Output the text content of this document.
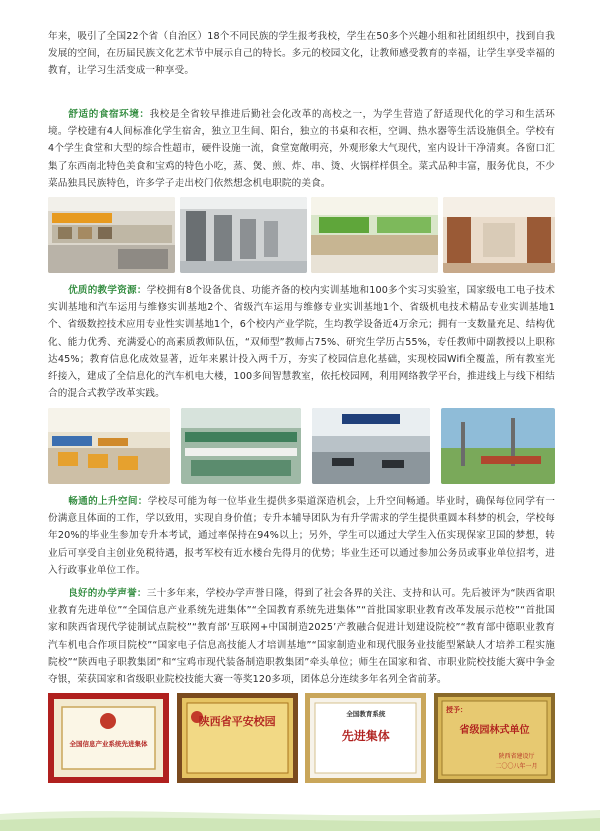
年来，吸引了全国22个省（自治区）18个不同民族的学生报考我校，学生在50多个兴趣小组和社团组织中，找到自我发展的空间，在历届民族文化艺术节中展示自己的特长。多元的校园文化，让教师感受教育的幸福，让学生享受幸福的教育，让学习生活变成一种享受。

舒适的食宿环境：我校是全省较早推进后勤社会化改革的高校之一，为学生营造了舒适现代化的学习和生活环境。学校建有4人间标准化学生宿舍，独立卫生间、阳台，独立的书桌和衣柜，空调、热水器等生活设施俱全。学校有4个学生食堂和大型的综合性超市，硬件设施一流，食堂宽敞明亮，外观形象大气现代，室内设计干净清爽。各窗口汇集了东西南北特色美食和宝鸡的特色小吃，蒸、煲、煎、炸、串、烫、火锅样样俱全。菜式品种丰富，服务优良，不少菜品独具民族特色，许多学子走出校门依然想念机电职院的美食。

优质的教学资源：学校拥有8个设备优良、功能齐备的校内实训基地和100多个实习实验室，国家级电工电子技术实训基地和汽车运用与维修实训基地2个、省级汽车运用与维修专业实训基地1个、省级机电技术精品专业实训基地1个、省级数控技术应用专业性实训基地1个，6个校内产业学院，生均教学设备近4万余元；拥有一支数量充足、结构优化、能力优秀、充满爱心的高素质教师队伍，“双师型”教师占75%、研究生学历占55%，专任教师中副教授以上职称达45%；教育信息化成效显著，近年来累计投入两千万，夯实了校园信息化基础，实现校园Wifi全覆盖，所有教室光纤接入，建成了全信息化的汽车机电大楼，100多间智慧教室，依托校园网，利用网络教学平台，推进线上与线下相结合的混合式教学改革实践。

畅通的上升空间：学校尽可能为每一位毕业生提供多渠道深造机会，上升空间畅通。毕业时，确保每位同学有一份满意且体面的工作，学以致用，实现自身价值；专升本辅导团队为有升学需求的学生提供重圆本科梦的机会，学校每年20%的毕业生参加专升本考试，通过率保持在94%以上；另外，学生可以通过大学生入伍实现保家卫国的梦想，转业后可享受自主创业免税待遇，报考军校有近水楼台先得月的优势；毕业生还可以通过参加公务员或事业单位招考，进入行政事业单位工作。

良好的办学声誉：三十多年来，学校办学声誉日隆，得到了社会各界的关注、支持和认可。先后被评为“陕西省职业教育先进单位”“全国信息产业系统先进集体”“全国教育系统先进集体”“首批国家职业教育改革发展示范校”“首批国家和陕西省现代学徒制试点院校”“教育部‘互联网+中国制造2025’产教融合促进计划建设院校”“教育部中德职业教育汽车机电合作项目院校”“国家电子信息高技能人才培训基地”“国家制造业和现代服务业技能型紧缺人才培养工程实施院校”“陕西电子职教集团”和“宝鸡市现代装备制造职教集团”牵头单位；师生在国家和省、市职业院校技能大赛中争金夺银，荣获国家和省级职业院校技能大赛一等奖120多项，团体总分连续多年名列全省前茅。

全国信息产业系统先进集体
陕西省平安校园
全国教育系统
先进集体
授予：
省级园林式单位
陕西省建设厅
二〇〇八年一月
